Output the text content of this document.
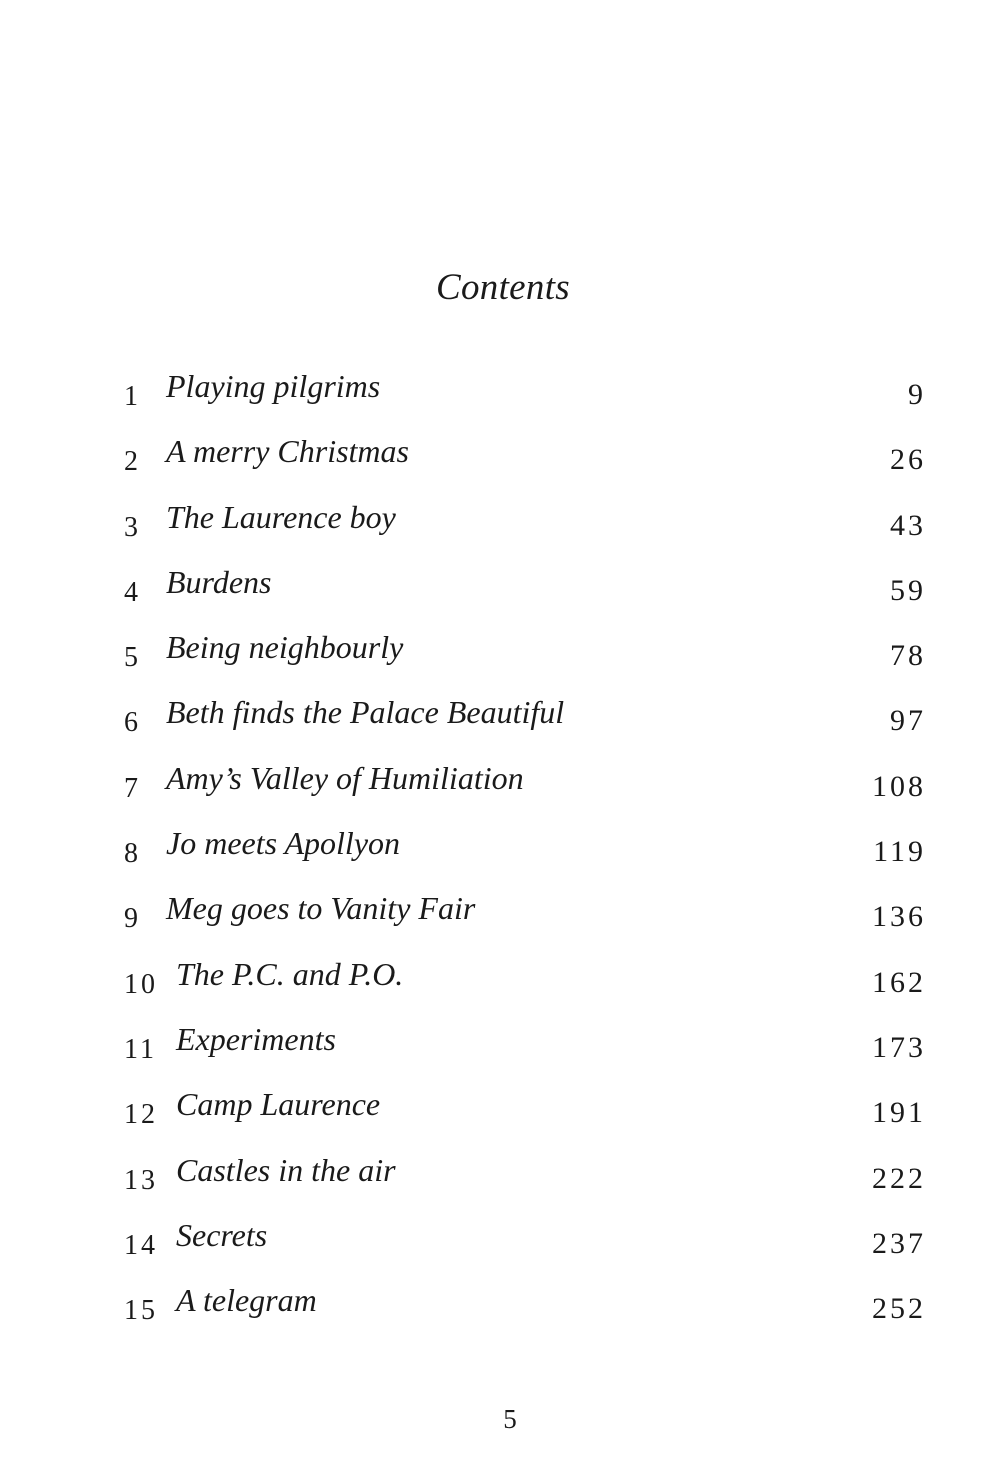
Contents
1 Playing pilgrims	9
2 A merry Christmas	26
3 The Laurence boy	43
4 Burdens	59
5 Being neighbourly	78
6 Beth finds the Palace Beautiful	97
7 Amy’s Valley of Humiliation	108
8 Jo meets Apollyon	119
9 Meg goes to Vanity Fair	136
10 The P.C. and P.O.	162
11 Experiments	173
12 Camp Laurence	191
13 Castles in the air	222
14 Secrets	237
15 A telegram	252
5
